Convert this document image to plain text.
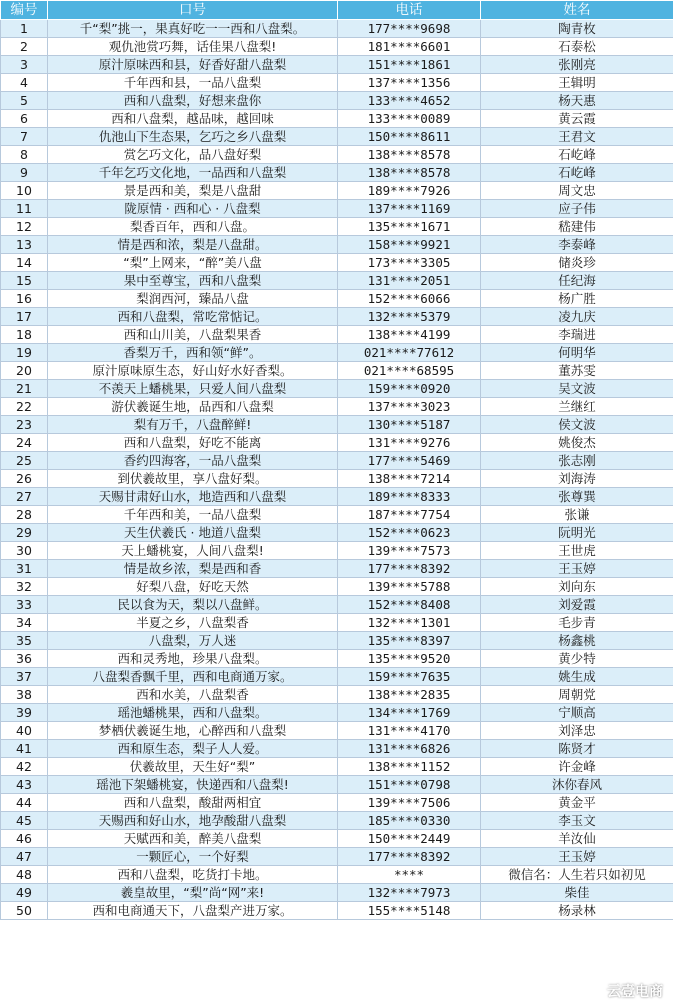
编号	口号	电话	姓名
1	千“梨”挑一，果真好吃一一西和八盘梨。	177****9698	陶青枚
2	观仇池赏巧舞，话佳果八盘梨!	181****6601	石泰松
3	原汁原味西和县，好香好甜八盘梨	151****1861	张刚亮
4	千年西和县，一品八盘梨	137****1356	王辑明
5	西和八盘梨，好想来盘你	133****4652	杨天惠
6	西和八盘梨，越品味，越回味	133****0089	黄云霞
7	仇池山下生态果，乞巧之乡八盘梨	150****8611	王君文
8	赏乞巧文化，品八盘好梨	138****8578	石屹峰
9	千年乞巧文化地，一品西和八盘梨	138****8578	石屹峰
10	景是西和美，梨是八盘甜	189****7926	周文忠
11	陇原情 · 西和心 · 八盘梨	137****1169	应子伟
12	梨香百年，西和八盘。	135****1671	嵇建伟
13	情是西和浓，梨是八盘甜。	158****9921	李泰峰
14	“梨”上网来，“醉”美八盘	173****3305	储炎珍
15	果中至尊宝，西和八盘梨	131****2051	任纪海
16	梨润西河，臻品八盘	152****6066	杨广胜
17	西和八盘梨，常吃常惦记。	132****5379	凌九庆
18	西和山川美，八盘梨果香	138****4199	李瑞进
19	香梨万千，西和领“鲜”。	021****77612	何明华
20	原汁原味原生态，好山好水好香梨。	021****68595	董苏雯
21	不羡天上蟠桃果，只爱人间八盘梨	159****0920	吴文波
22	游伏羲诞生地，品西和八盘梨	137****3023	兰继红
23	梨有万千，八盘醉鲜!	130****5187	侯文波
24	西和八盘梨，好吃不能离	131****9276	姚俊杰
25	香约四海客，一品八盘梨	177****5469	张志刚
26	到伏羲故里，享八盘好梨。	138****7214	刘海涛
27	天赐甘肃好山水，地造西和八盘梨	189****8333	张尊巽
28	千年西和美，一品八盘梨	187****7754	张谦
29	天生伏羲氏 · 地道八盘梨	152****0623	阮明光
30	天上蟠桃宴，人间八盘梨!	139****7573	王世虎
31	情是故乡浓，梨是西和香	177****8392	王玉婷
32	好梨八盘，好吃天然	139****5788	刘向东
33	民以食为天，梨以八盘鲜。	152****8408	刘爱霞
34	半夏之乡，八盘梨香	132****1301	毛步青
35	八盘梨，万人迷	135****8397	杨鑫桃
36	西和灵秀地，珍果八盘梨。	135****9520	黄少特
37	八盘梨香飘千里，西和电商通万家。	159****7635	姚生成
38	西和水美，八盘梨香	138****2835	周朝党
39	瑶池蟠桃果，西和八盘梨。	134****1769	宁顺高
40	梦栖伏羲诞生地，心醉西和八盘梨	131****4170	刘泽忠
41	西和原生态，梨子人人爱。	131****6826	陈贤才
42	伏羲故里，天生好“梨”	138****1152	许金峰
43	瑶池下架蟠桃宴，快递西和八盘梨!	151****0798	沐你春风
44	西和八盘梨，酸甜两相宜	139****7506	黄金平
45	天赐西和好山水，地孕酸甜八盘梨	185****0330	李玉文
46	天赋西和美，醉美八盘梨	150****2449	羊汝仙
47	一颗匠心，一个好梨	177****8392	王玉婷
48	西和八盘梨，吃货打卡地。	****	微信名：人生若只如初见
49	羲皇故里，“梨”尚“网”来!	132****7973	柴佳
50	西和电商通天下，八盘梨产进万家。	155****5148	杨录林
云壹电商
